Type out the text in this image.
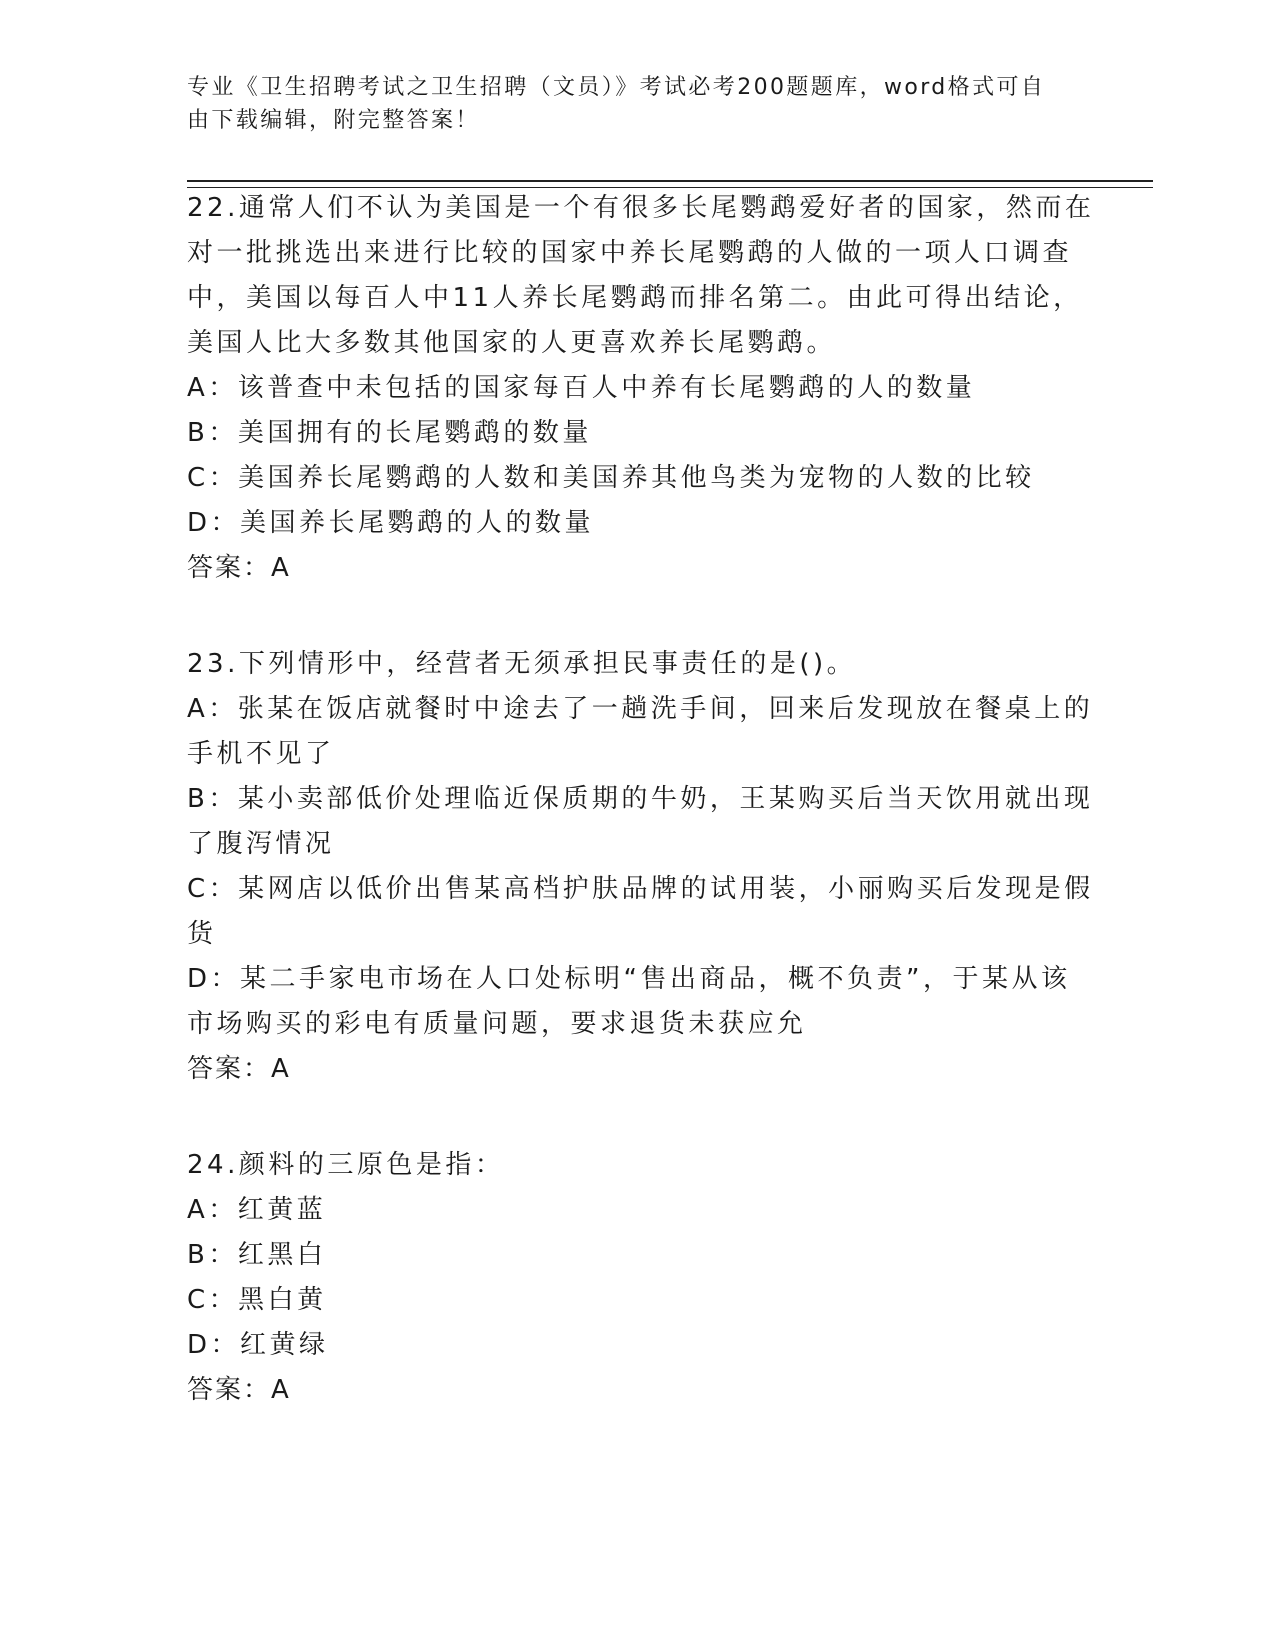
专业《卫生招聘考试之卫生招聘（文员）》考试必考200题题库，word格式可自
由下载编辑，附完整答案！
22.通常人们不认为美国是一个有很多长尾鹦鹉爱好者的国家，然而在
对一批挑选出来进行比较的国家中养长尾鹦鹉的人做的一项人口调查
中，美国以每百人中11人养长尾鹦鹉而排名第二。由此可得出结论，
美国人比大多数其他国家的人更喜欢养长尾鹦鹉。
A：该普查中未包括的国家每百人中养有长尾鹦鹉的人的数量
B：美国拥有的长尾鹦鹉的数量
C：美国养长尾鹦鹉的人数和美国养其他鸟类为宠物的人数的比较
D：美国养长尾鹦鹉的人的数量
答案：A
23.下列情形中，经营者无须承担民事责任的是()。
A：张某在饭店就餐时中途去了一趟洗手间，回来后发现放在餐桌上的
手机不见了
B：某小卖部低价处理临近保质期的牛奶，王某购买后当天饮用就出现
了腹泻情况
C：某网店以低价出售某高档护肤品牌的试用装，小丽购买后发现是假
货
D：某二手家电市场在人口处标明“售出商品，概不负责”，于某从该
市场购买的彩电有质量问题，要求退货未获应允
答案：A
24.颜料的三原色是指：
A：红黄蓝
B：红黑白
C：黑白黄
D：红黄绿
答案：A
